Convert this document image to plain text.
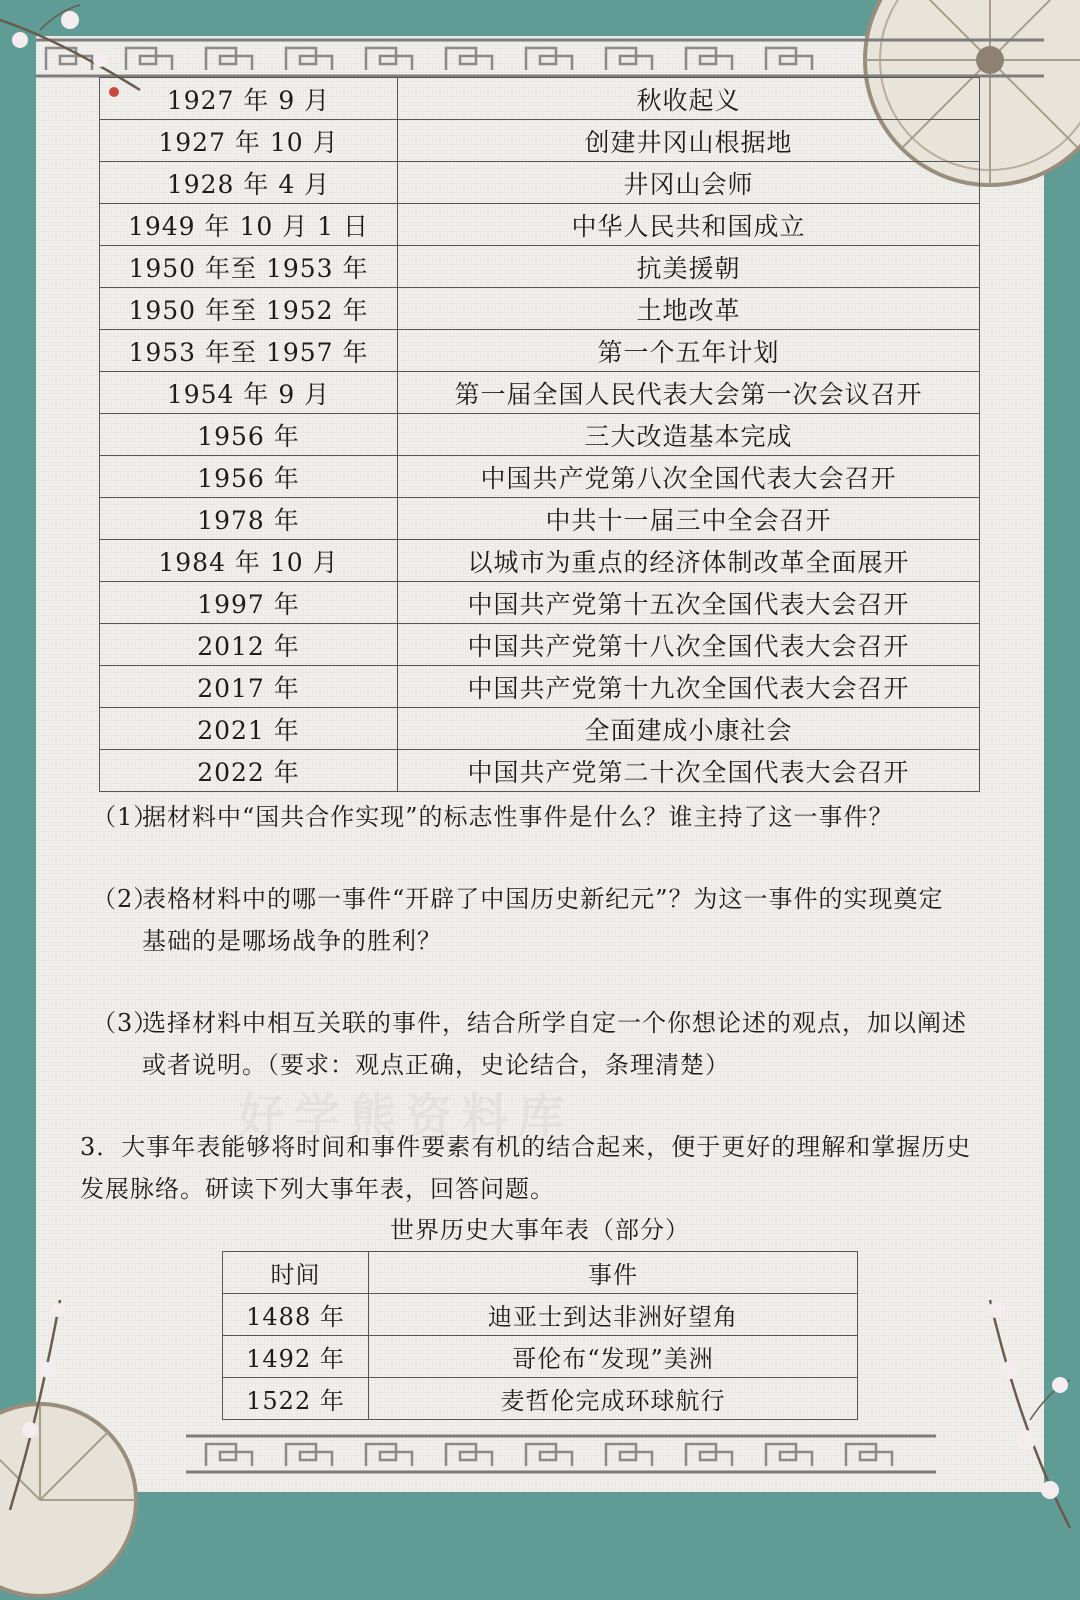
好学熊资料库
1927 年 9 月	秋收起义
1927 年 10 月	创建井冈山根据地
1928 年 4 月	井冈山会师
1949 年 10 月 1 日	中华人民共和国成立
1950 年至 1953 年	抗美援朝
1950 年至 1952 年	土地改革
1953 年至 1957 年	第一个五年计划
1954 年 9 月	第一届全国人民代表大会第一次会议召开
1956 年	三大改造基本完成
1956 年	中国共产党第八次全国代表大会召开
1978 年	中共十一届三中全会召开
1984 年 10 月	以城市为重点的经济体制改革全面展开
1997 年	中国共产党第十五次全国代表大会召开
2012 年	中国共产党第十八次全国代表大会召开
2017 年	中国共产党第十九次全国代表大会召开
2021 年	全面建成小康社会
2022 年	中国共产党第二十次全国代表大会召开
（1）据材料中“国共合作实现”的标志性事件是什么？谁主持了这一事件？
（2）表格材料中的哪一事件“开辟了中国历史新纪元”？为这一事件的实现奠定
基础的是哪场战争的胜利？
（3）选择材料中相互关联的事件，结合所学自定一个你想论述的观点，加以阐述
或者说明。（要求：观点正确，史论结合，条理清楚）
3．大事年表能够将时间和事件要素有机的结合起来，便于更好的理解和掌握历史
发展脉络。研读下列大事年表，回答问题。
世界历史大事年表（部分）
时间	事件
1488 年	迪亚士到达非洲好望角
1492 年	哥伦布“发现”美洲
1522 年	麦哲伦完成环球航行
